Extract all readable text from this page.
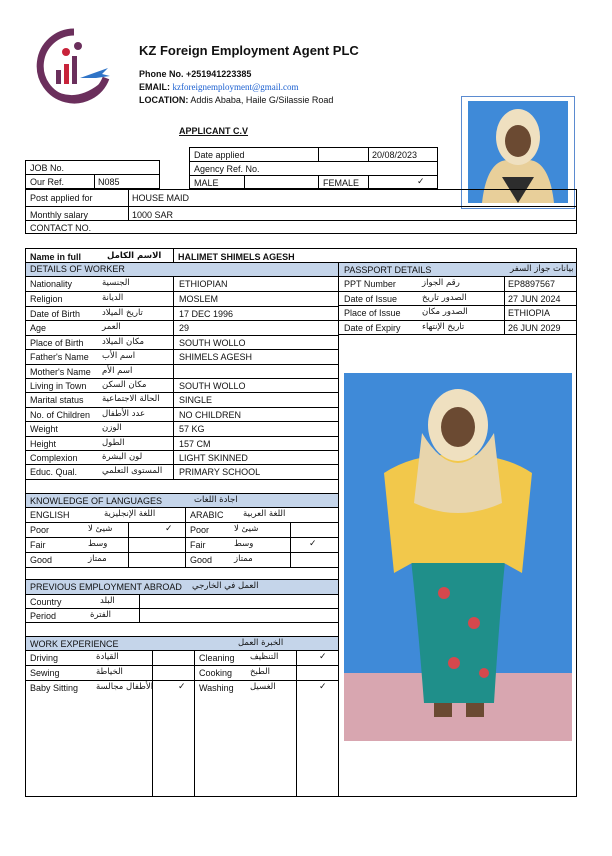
KZ Foreign Employment Agent PLC
Phone No. +251941223385
EMAIL: kzforeignemployment@gmail.com
LOCATION: Addis Ababa, Haile G/Silassie Road
APPLICANT C.V
JOB No.
Our Ref.	N085
Date applied	20/08/2023
Agency Ref. No.
MALE	FEMALE	✓
Post applied for	HOUSE MAID
Monthly salary	1000 SAR
CONTACT NO.
Name in full	الاسم الكامل HALIMET SHIMELS AGESH
DETAILS OF WORKER	PASSPORT DETAILS	بيانات جواز السفر
Nationality	الجنسية	ETHIOPIAN
Religion	الديانة	MOSLEM
Date of Birth	تاريخ الميلاد	17 DEC 1996
Age	العمر	29
Place of Birth مكان الميلاد	SOUTH WOLLO
Father's Name اسم الأب	SHIMELS AGESH
Mother's Name اسم الأم
Living in Town مكان السكن	SOUTH WOLLO
Marital status الحالة الاجتماعية SINGLE
No. of Children عدد الأطفال	NO CHILDREN
Weight	الوزن	57 KG
Height	الطول	157 CM
Complexion	لون البشرة	LIGHT SKINNED
Educ. Qual.	المستوى التعلمي PRIMARY SCHOOL
PPT Number	رقم الجواز	EP8897567
Date of Issue	الصدور تاريخ	27 JUN 2024
Place of Issue	الصدور مكان	ETHIOPIA
Date of Expiry	تاريخ الإنتهاء	26 JUN 2029
KNOWLEDGE OF LANGUAGES	اجادة اللغات
ENGLISH	اللغة الإنجليزية	ARABIC اللغة العربية
Poor	شيئ لا	✓ Poor	شيئ لا
Fair	وسط	Fair	وسط	✓
Good	ممتاز	Good	ممتاز
PREVIOUS EMPLOYMENT ABROAD العمل في الخارجي
Country	البلد
Period	الفترة
WORK EXPERIENCE	الخبرة العمل
Driving	القيادة
Sewing	الخياطة
Baby Sitting الأطفال مجالسة	✓
Cleaning التنظيف	✓
Cooking الطبخ
Washing الغسيل	✓
